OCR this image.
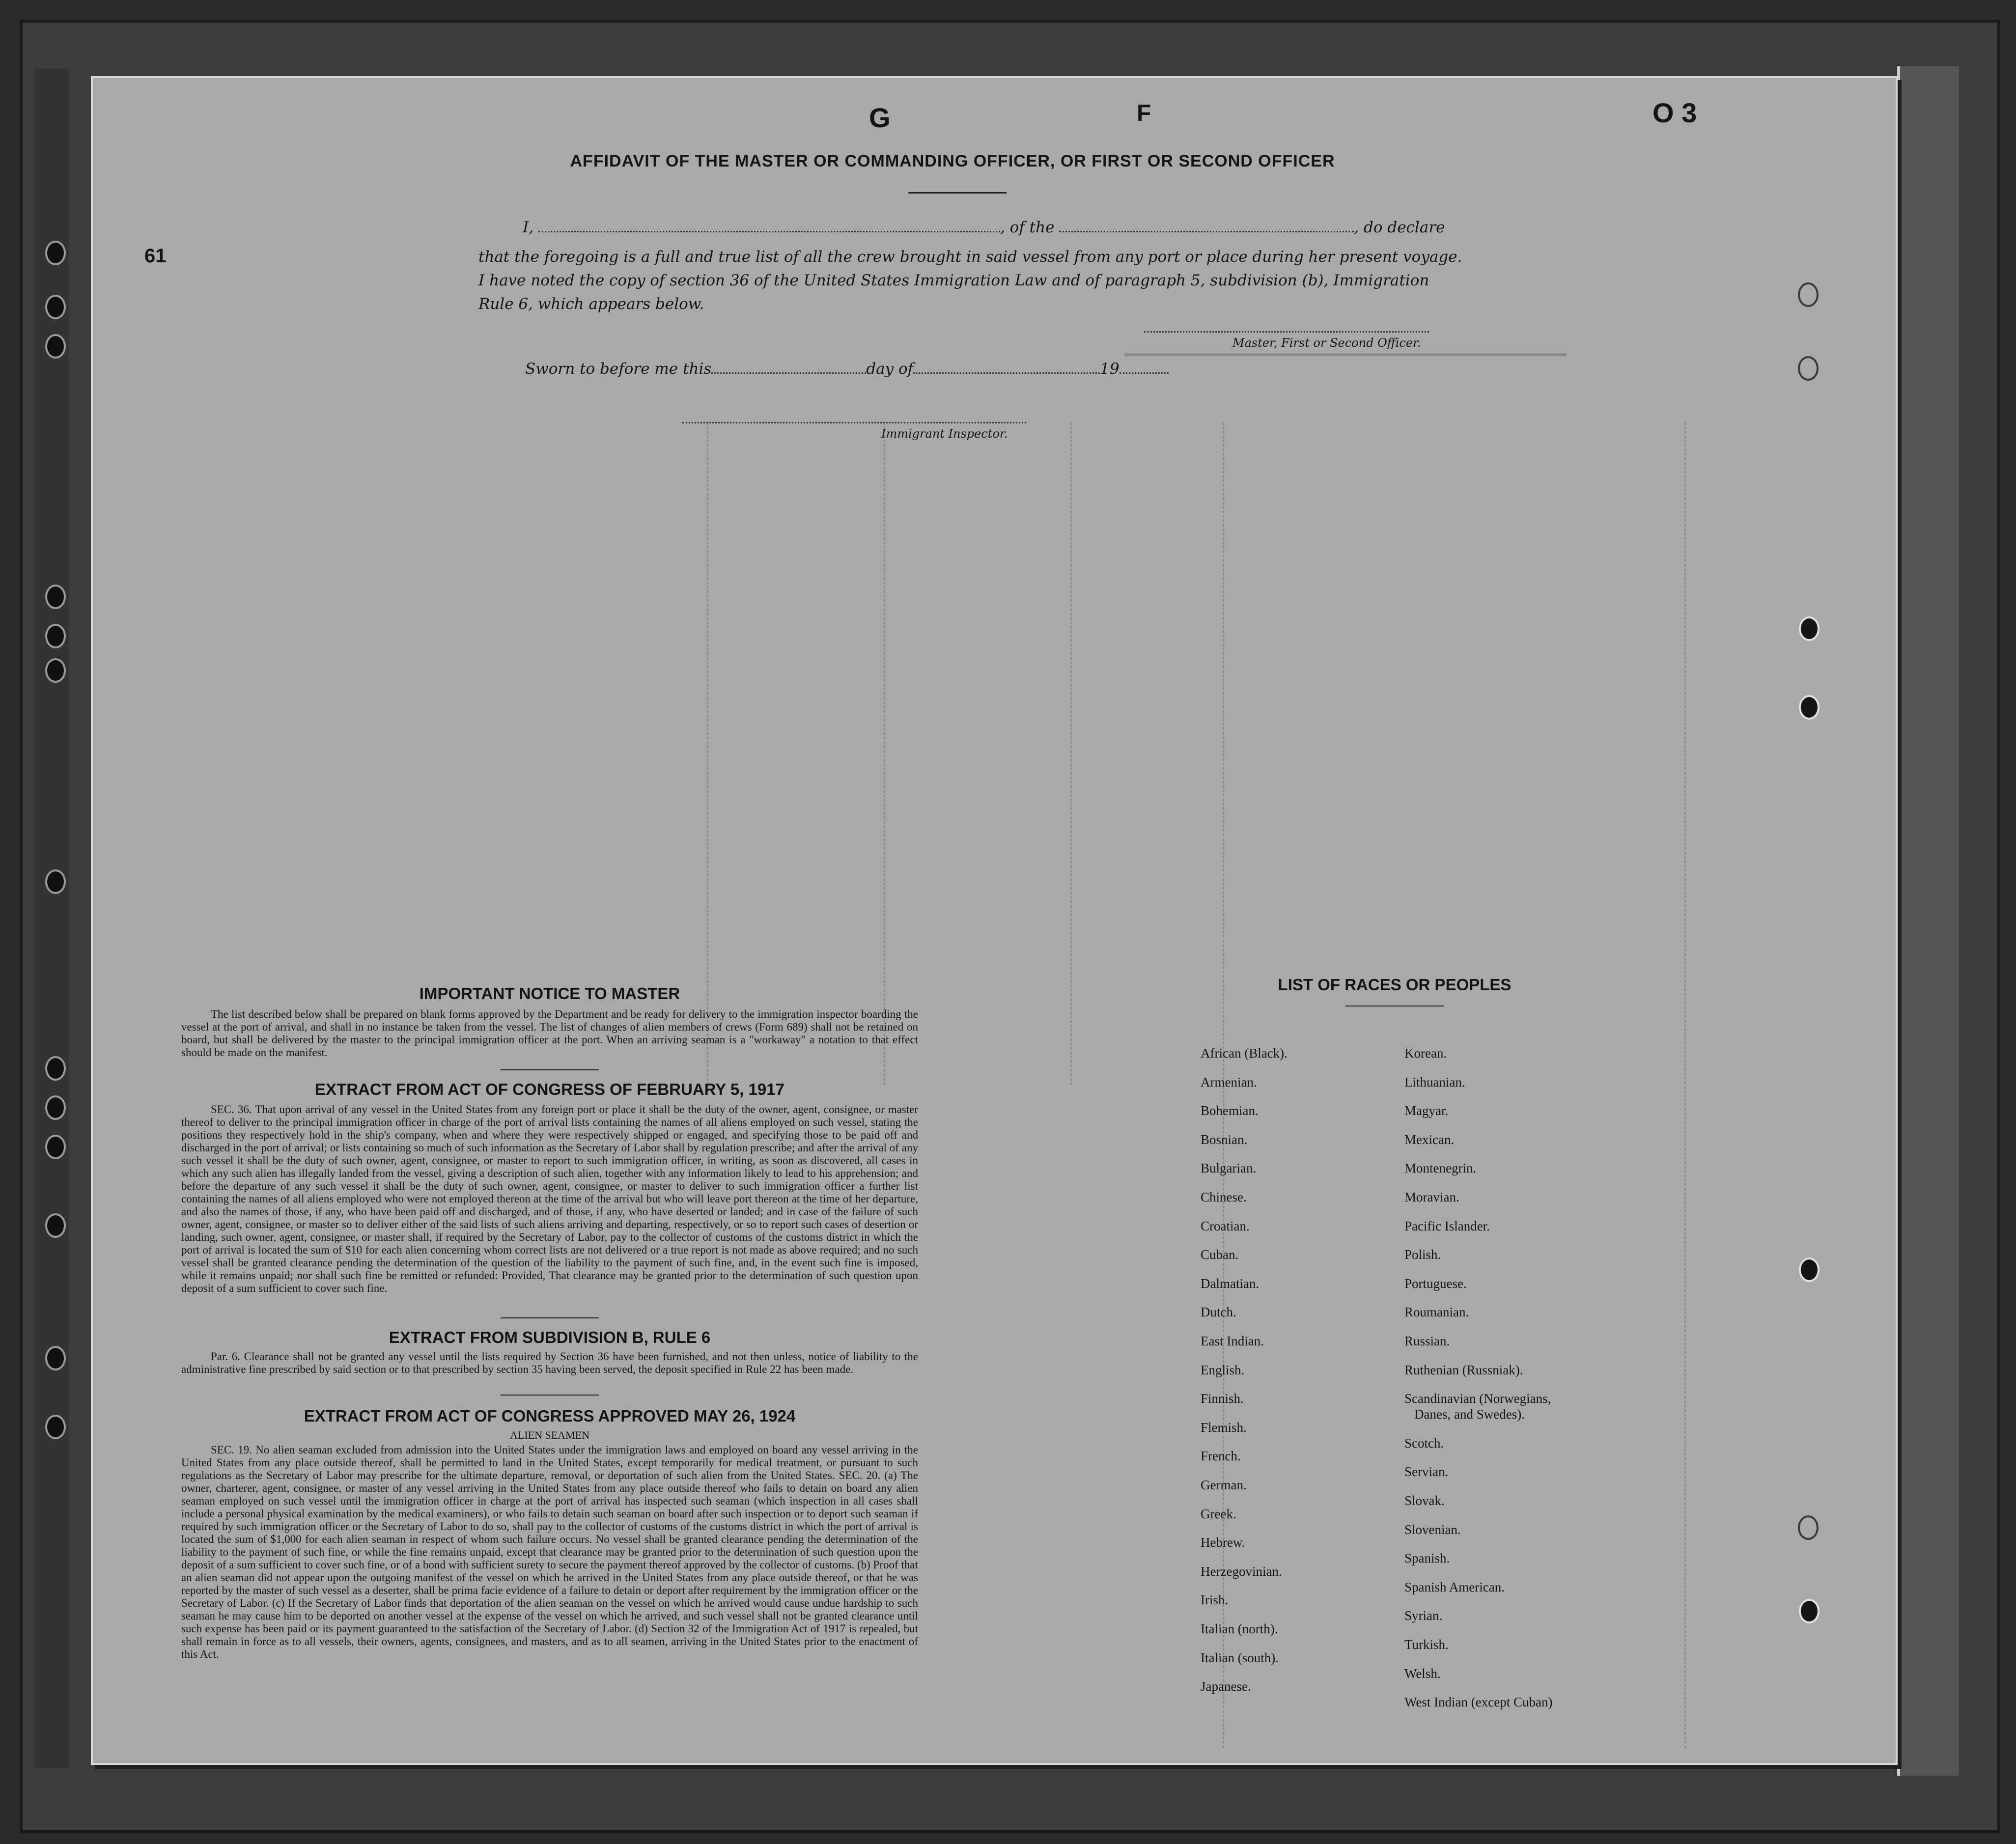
G	F	O 3
61
AFFIDAVIT OF THE MASTER OR COMMANDING OFFICER, OR FIRST OR SECOND OFFICER
I,	, of the	, do declare
that the foregoing is a full and true list of all the crew brought in said vessel from any port or place during her present voyage.
I have noted the copy of section 36 of the United States Immigration Law and of paragraph 5, subdivision (b), Immigration
Rule 6, which appears below.
Master, First or Second Officer.
Sworn to before me this	day of	19
Immigrant Inspector.
IMPORTANT NOTICE TO MASTER
The list described below shall be prepared on blank forms approved by the Department and be ready for delivery to the immigration inspector boarding the vessel at the port of arrival, and shall in no instance be taken from the vessel. The list of changes of alien members of crews (Form 689) shall not be retained on board, but shall be delivered by the master to the principal immigration officer at the port. When an arriving seaman is a "workaway" a notation to that effect should be made on the manifest.
EXTRACT FROM ACT OF CONGRESS OF FEBRUARY 5, 1917
SEC. 36. That upon arrival of any vessel in the United States from any foreign port or place it shall be the duty of the owner, agent, consignee, or master thereof to deliver to the principal immigration officer in charge of the port of arrival lists containing the names of all aliens employed on such vessel, stating the positions they respectively hold in the ship's company, when and where they were respectively shipped or engaged, and specifying those to be paid off and discharged in the port of arrival; or lists containing so much of such information as the Secretary of Labor shall by regulation prescribe; and after the arrival of any such vessel it shall be the duty of such owner, agent, consignee, or master to report to such immigration officer, in writing, as soon as discovered, all cases in which any such alien has illegally landed from the vessel, giving a description of such alien, together with any information likely to lead to his apprehension; and before the departure of any such vessel it shall be the duty of such owner, agent, consignee, or master to deliver to such immigration officer a further list containing the names of all aliens employed who were not employed thereon at the time of the arrival but who will leave port thereon at the time of her departure, and also the names of those, if any, who have been paid off and discharged, and of those, if any, who have deserted or landed; and in case of the failure of such owner, agent, consignee, or master so to deliver either of the said lists of such aliens arriving and departing, respectively, or so to report such cases of desertion or landing, such owner, agent, consignee, or master shall, if required by the Secretary of Labor, pay to the collector of customs of the customs district in which the port of arrival is located the sum of $10 for each alien concerning whom correct lists are not delivered or a true report is not made as above required; and no such vessel shall be granted clearance pending the determination of the question of the liability to the payment of such fine, and, in the event such fine is imposed, while it remains unpaid; nor shall such fine be remitted or refunded: Provided, That clearance may be granted prior to the determination of such question upon deposit of a sum sufficient to cover such fine.
EXTRACT FROM SUBDIVISION B, RULE 6
Par. 6. Clearance shall not be granted any vessel until the lists required by Section 36 have been furnished, and not then unless, notice of liability to the administrative fine prescribed by said section or to that prescribed by section 35 having been served, the deposit specified in Rule 22 has been made.
EXTRACT FROM ACT OF CONGRESS APPROVED MAY 26, 1924
ALIEN SEAMEN
SEC. 19. No alien seaman excluded from admission into the United States under the immigration laws and employed on board any vessel arriving in the United States from any place outside thereof, shall be permitted to land in the United States, except temporarily for medical treatment, or pursuant to such regulations as the Secretary of Labor may prescribe for the ultimate departure, removal, or deportation of such alien from the United States. SEC. 20. (a) The owner, charterer, agent, consignee, or master of any vessel arriving in the United States from any place outside thereof who fails to detain on board any alien seaman employed on such vessel until the immigration officer in charge at the port of arrival has inspected such seaman (which inspection in all cases shall include a personal physical examination by the medical examiners), or who fails to detain such seaman on board after such inspection or to deport such seaman if required by such immigration officer or the Secretary of Labor to do so, shall pay to the collector of customs of the customs district in which the port of arrival is located the sum of $1,000 for each alien seaman in respect of whom such failure occurs. No vessel shall be granted clearance pending the determination of the liability to the payment of such fine, or while the fine remains unpaid, except that clearance may be granted prior to the determination of such question upon the deposit of a sum sufficient to cover such fine, or of a bond with sufficient surety to secure the payment thereof approved by the collector of customs. (b) Proof that an alien seaman did not appear upon the outgoing manifest of the vessel on which he arrived in the United States from any place outside thereof, or that he was reported by the master of such vessel as a deserter, shall be prima facie evidence of a failure to detain or deport after requirement by the immigration officer or the Secretary of Labor. (c) If the Secretary of Labor finds that deportation of the alien seaman on the vessel on which he arrived would cause undue hardship to such seaman he may cause him to be deported on another vessel at the expense of the vessel on which he arrived, and such vessel shall not be granted clearance until such expense has been paid or its payment guaranteed to the satisfaction of the Secretary of Labor. (d) Section 32 of the Immigration Act of 1917 is repealed, but shall remain in force as to all vessels, their owners, agents, consignees, and masters, and as to all seamen, arriving in the United States prior to the enactment of this Act.
LIST OF RACES OR PEOPLES
African (Black).
Armenian.
Bohemian.
Bosnian.
Bulgarian.
Chinese.
Croatian.
Cuban.
Dalmatian.
Dutch.
East Indian.
English.
Finnish.
Flemish.
French.
German.
Greek.
Hebrew.
Herzegovinian.
Irish.
Italian (north).
Italian (south).
Japanese.
Korean.
Lithuanian.
Magyar.
Mexican.
Montenegrin.
Moravian.
Pacific Islander.
Polish.
Portuguese.
Roumanian.
Russian.
Ruthenian (Russniak).
Scandinavian (Norwegians,
Danes, and Swedes).
Scotch.
Servian.
Slovak.
Slovenian.
Spanish.
Spanish American.
Syrian.
Turkish.
Welsh.
West Indian (except Cuban)
